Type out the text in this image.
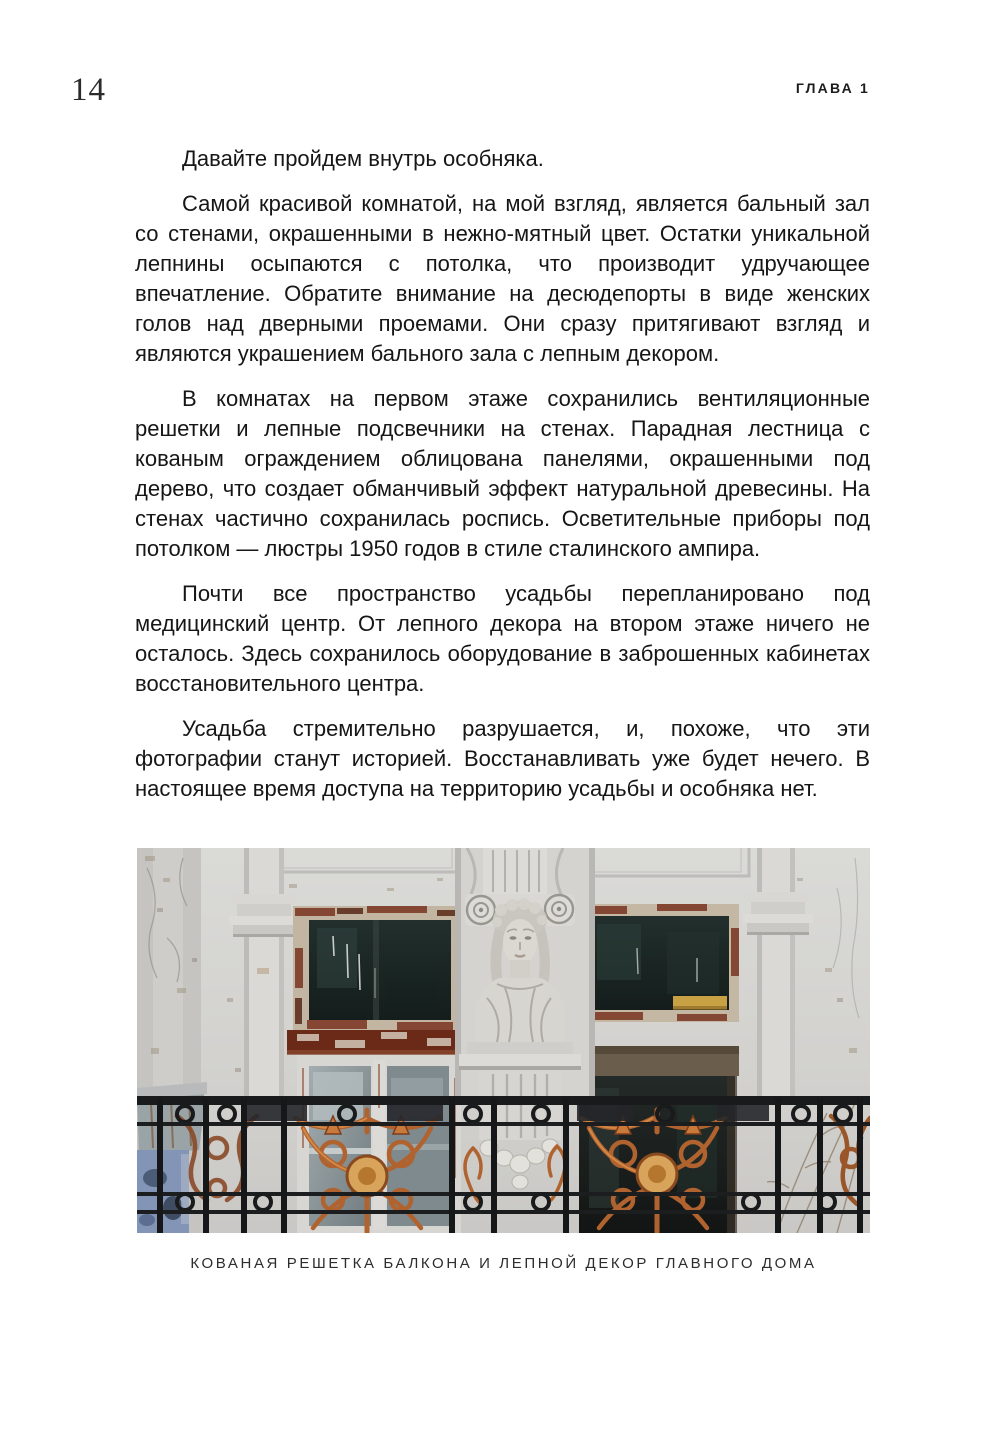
14	ГЛАВА 1

Давайте пройдем внутрь особняка.

Самой красивой комнатой, на мой взгляд, является бальный зал со стенами, окрашенными в нежно-мятный цвет. Остатки уникальной лепнины осыпаются с потолка, что производит удручающее впечатление. Обратите внимание на десюдепорты в виде женских голов над дверными проемами. Они сразу притягивают взгляд и являются украшением бального зала с лепным декором.

В комнатах на первом этаже сохранились вентиляционные решетки и лепные подсвечники на стенах. Парадная лестница с кованым ограждением облицована панелями, окрашенными под дерево, что создает обманчивый эффект натуральной древесины. На стенах частично сохранилась роспись. Осветительные приборы под потолком — люстры 1950 годов в стиле сталинского ампира.

Почти все пространство усадьбы перепланировано под медицинский центр. От лепного декора на втором этаже ничего не осталось. Здесь сохранилось оборудование в заброшенных кабинетах восстановительного центра.

Усадьба стремительно разрушается, и, похоже, что эти фотографии станут историей. Восстанавливать уже будет нечего. В настоящее время доступа на территорию усадьбы и особняка нет.

КОВАНАЯ РЕШЕТКА БАЛКОНА И ЛЕПНОЙ ДЕКОР ГЛАВНОГО ДОМА
